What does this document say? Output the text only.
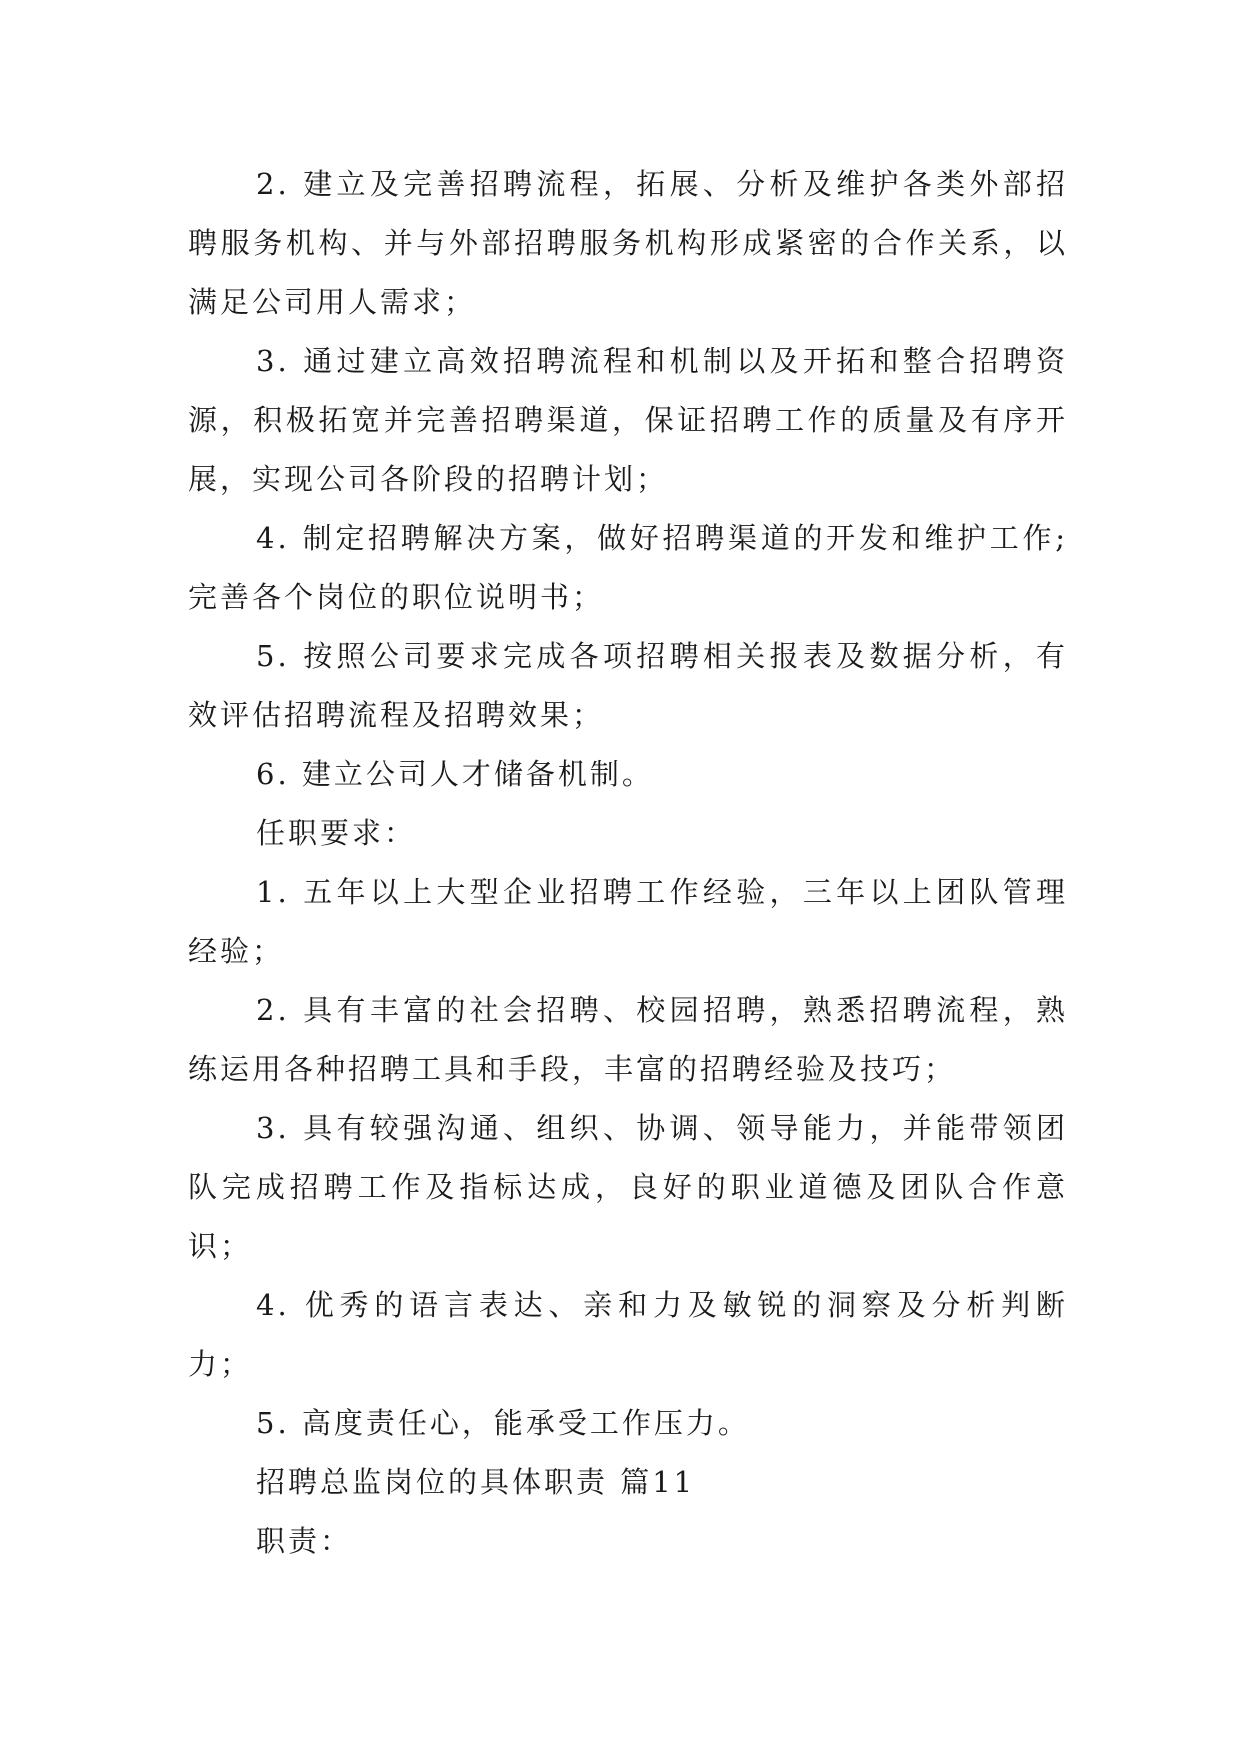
2. 建立及完善招聘流程，拓展、分析及维护各类外部招聘服务机构、并与外部招聘服务机构形成紧密的合作关系，以满足公司用人需求；

3. 通过建立高效招聘流程和机制以及开拓和整合招聘资源，积极拓宽并完善招聘渠道，保证招聘工作的质量及有序开展，实现公司各阶段的招聘计划；

4. 制定招聘解决方案，做好招聘渠道的开发和维护工作;完善各个岗位的职位说明书；

5. 按照公司要求完成各项招聘相关报表及数据分析，有效评估招聘流程及招聘效果；

6. 建立公司人才储备机制。

任职要求：

1. 五年以上大型企业招聘工作经验，三年以上团队管理经验；

2. 具有丰富的社会招聘、校园招聘，熟悉招聘流程，熟练运用各种招聘工具和手段，丰富的招聘经验及技巧；

3. 具有较强沟通、组织、协调、领导能力，并能带领团队完成招聘工作及指标达成，良好的职业道德及团队合作意识；

4. 优秀的语言表达、亲和力及敏锐的洞察及分析判断力；

5. 高度责任心，能承受工作压力。

招聘总监岗位的具体职责 篇11

职责：
